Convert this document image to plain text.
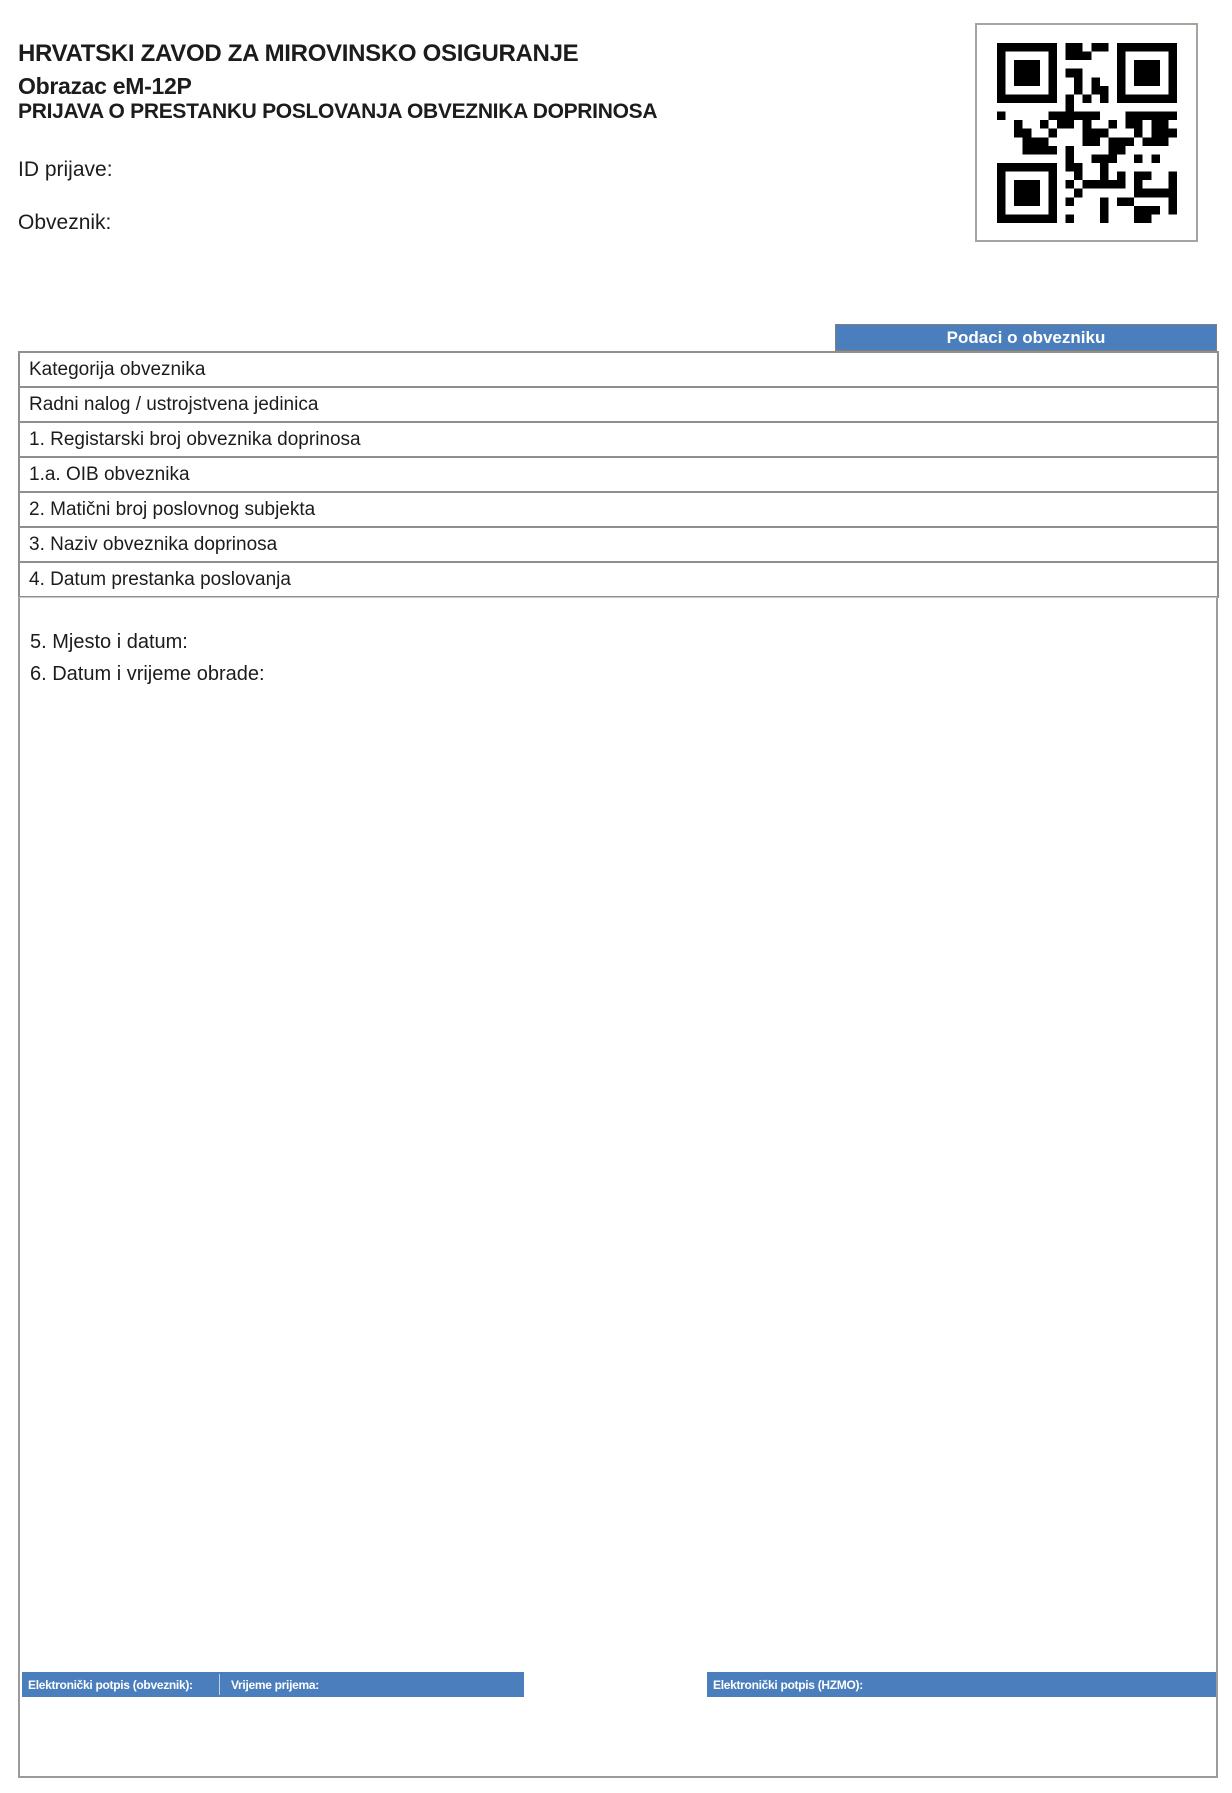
HRVATSKI ZAVOD ZA MIROVINSKO OSIGURANJE
Obrazac eM-12P
PRIJAVA O PRESTANKU POSLOVANJA OBVEZNIKA DOPRINOSA
ID prijave:
Obveznik:
Podaci o obvezniku
Kategorija obveznika
Radni nalog / ustrojstvena jedinica
1. Registarski broj obveznika doprinosa
1.a. OIB obveznika
2. Matični broj poslovnog subjekta
3. Naziv obveznika doprinosa
4. Datum prestanka poslovanja
5. Mjesto i datum:
6. Datum i vrijeme obrade:
Elektronički potpis (obveznik):	Vrijeme prijema:	Elektronički potpis (HZMO):
